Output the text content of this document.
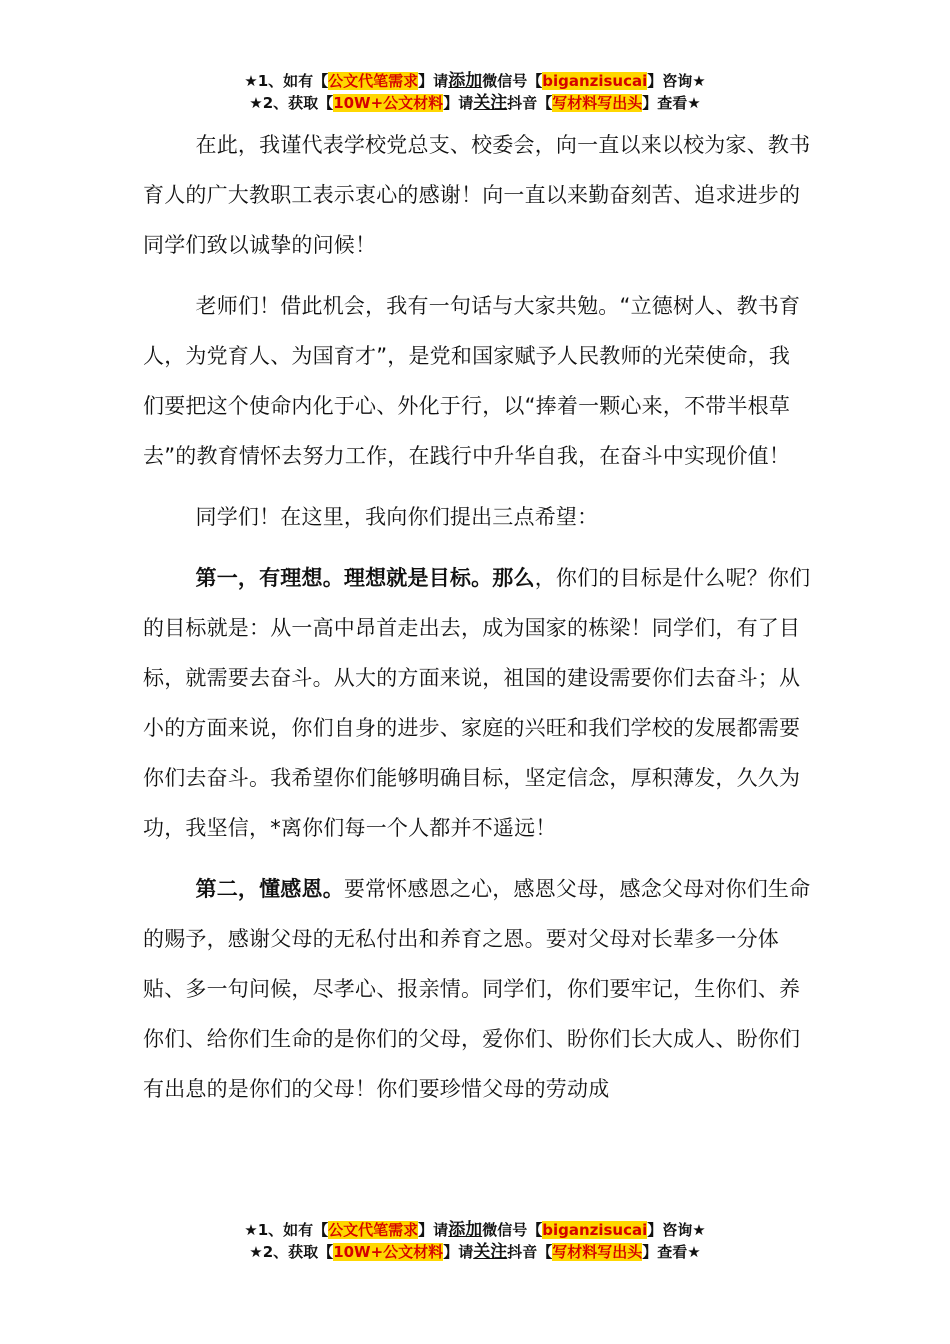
★1、如有【公文代笔需求】请添加微信号【biganzisucai】咨询★
★2、获取【10W+公文材料】请关注抖音【写材料写出头】查看★

在此，我谨代表学校党总支、校委会，向一直以来以校为家、教书育人的广大教职工表示衷心的感谢！向一直以来勤奋刻苦、追求进步的同学们致以诚挚的问候！

老师们！借此机会，我有一句话与大家共勉。“立德树人、教书育人，为党育人、为国育才”，是党和国家赋予人民教师的光荣使命，我们要把这个使命内化于心、外化于行，以“捧着一颗心来，不带半根草去”的教育情怀去努力工作，在践行中升华自我，在奋斗中实现价值！

同学们！在这里，我向你们提出三点希望：

第一，有理想。理想就是目标。那么，你们的目标是什么呢？你们的目标就是：从一高中昂首走出去，成为国家的栋梁！同学们，有了目标，就需要去奋斗。从大的方面来说，祖国的建设需要你们去奋斗；从小的方面来说，你们自身的进步、家庭的兴旺和我们学校的发展都需要你们去奋斗。我希望你们能够明确目标，坚定信念，厚积薄发，久久为功，我坚信，*离你们每一个人都并不遥远！

第二，懂感恩。要常怀感恩之心，感恩父母，感念父母对你们生命的赐予，感谢父母的无私付出和养育之恩。要对父母对长辈多一分体贴、多一句问候，尽孝心、报亲情。同学们，你们要牢记，生你们、养你们、给你们生命的是你们的父母，爱你们、盼你们长大成人、盼你们有出息的是你们的父母！你们要珍惜父母的劳动成

★1、如有【公文代笔需求】请添加微信号【biganzisucai】咨询★
★2、获取【10W+公文材料】请关注抖音【写材料写出头】查看★
